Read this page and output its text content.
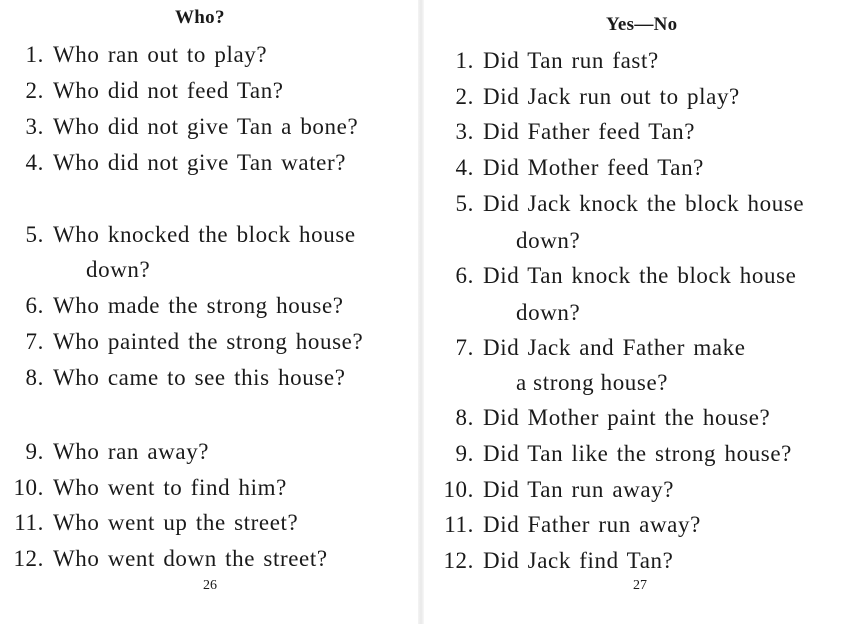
Who?
1. Who ran out to play?
2. Who did not feed Tan?
3. Who did not give Tan a bone?
4. Who did not give Tan water?
5. Who knocked the block house
down?
6. Who made the strong house?
7. Who painted the strong house?
8. Who came to see this house?
9. Who ran away?
10. Who went to find him?
11. Who went up the street?
12. Who went down the street?
26
Yes—No
1. Did Tan run fast?
2. Did Jack run out to play?
3. Did Father feed Tan?
4. Did Mother feed Tan?
5. Did Jack knock the block house
down?
6. Did Tan knock the block house
down?
7. Did Jack and Father make
a strong house?
8. Did Mother paint the house?
9. Did Tan like the strong house?
10. Did Tan run away?
11. Did Father run away?
12. Did Jack find Tan?
27
